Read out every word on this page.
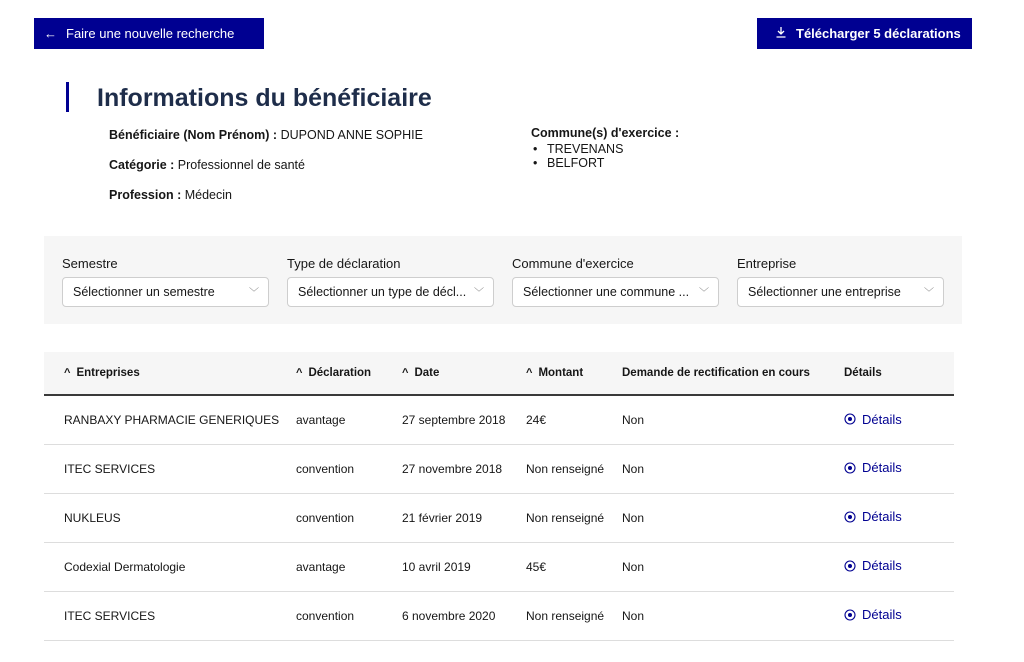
← Faire une nouvelle recherche	Télécharger 5 déclarations
Informations du bénéficiaire
Bénéficiaire (Nom Prénom) : DUPOND ANNE SOPHIE
Catégorie : Professionnel de santé
Profession : Médecin
Commune(s) d'exercice :
• TREVENANS
• BELFORT
Semestre
Sélectionner un semestre	﹀
Type de déclaration
Sélectionner un type de décl... ﹀
Commune d'exercice
Sélectionner une commune ... ﹀
Entreprise
Sélectionner une entreprise ﹀
^ Entreprises	^ Déclaration	^ Date	^ Montant	Demande de rectification en cours	Détails
RANBAXY PHARMACIE GENERIQUES	avantage	27 septembre 2018	24€	Non	Détails

ITEC SERVICES	convention	27 novembre 2018	Non renseigné	Non	Détails

NUKLEUS	convention	21 février 2019	Non renseigné	Non	Détails

Codexial Dermatologie	avantage	10 avril 2019	45€	Non	Détails

ITEC SERVICES	convention	6 novembre 2020	Non renseigné	Non	Détails
